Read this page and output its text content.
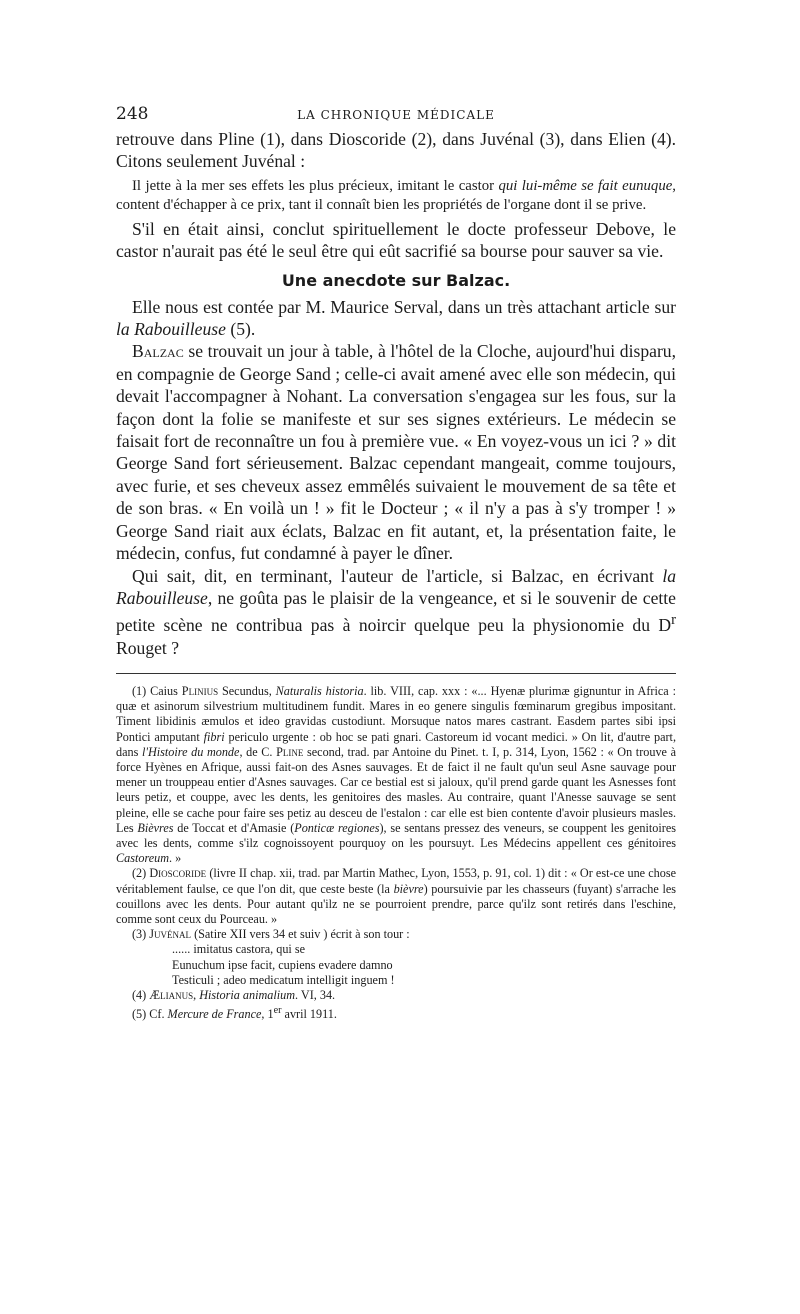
248	LA CHRONIQUE MÉDICALE

retrouve dans Pline (1), dans Dioscoride (2), dans Juvénal (3), dans Elien (4). Citons seulement Juvénal :

Il jette à la mer ses effets les plus précieux, imitant le castor qui lui-même se fait eunuque, content d'échapper à ce prix, tant il connaît bien les propriétés de l'organe dont il se prive.

S'il en était ainsi, conclut spirituellement le docte professeur Debove, le castor n'aurait pas été le seul être qui eût sacrifié sa bourse pour sauver sa vie.

Une anecdote sur Balzac.

Elle nous est contée par M. Maurice Serval, dans un très attachant article sur la Rabouilleuse (5).

Balzac se trouvait un jour à table, à l'hôtel de la Cloche, aujourd'hui disparu, en compagnie de George Sand ; celle-ci avait amené avec elle son médecin, qui devait l'accompagner à Nohant. La conversation s'engagea sur les fous, sur la façon dont la folie se manifeste et sur ses signes extérieurs. Le médecin se faisait fort de reconnaître un fou à première vue. « En voyez-vous un ici ? » dit George Sand fort sérieusement. Balzac cependant mangeait, comme toujours, avec furie, et ses cheveux assez emmêlés suivaient le mouvement de sa tête et de son bras. « En voilà un ! » fit le Docteur ; « il n'y a pas à s'y tromper ! » George Sand riait aux éclats, Balzac en fit autant, et, la présentation faite, le médecin, confus, fut condamné à payer le dîner.

Qui sait, dit, en terminant, l'auteur de l'article, si Balzac, en écrivant la Rabouilleuse, ne goûta pas le plaisir de la vengeance, et si le souvenir de cette petite scène ne contribua pas à noircir quelque peu la physionomie du $D^r$ Rouget ?

(1) Caius Plinius Secundus, Naturalis historia. lib. VIII, cap. xxx : «... Hyenæ plurimæ gignuntur in Africa : quæ et asinorum silvestrium multitudinem fundit. Mares in eo genere singulis fœminarum gregibus impositant. Timent libidinis æmulos et ideo gravidas custodiunt. Morsuque natos mares castrant. Easdem partes sibi ipsi Pontici amputant fibri periculo urgente : ob hoc se pati gnari. Castoreum id vocant medici. » On lit, d'autre part, dans l'Histoire du monde, de C. Pline second, trad. par Antoine du Pinet. t. I, p. 314, Lyon, 1562 : « On trouve à force Hyènes en Afrique, aussi fait-on des Asnes sauvages. Et de faict il ne fault qu'un seul Asne sauvage pour mener un trouppeau entier d'Asnes sauvages. Car ce bestial est si jaloux, qu'il prend garde quant les Asnesses font leurs petiz, et couppe, avec les dents, les genitoires des masles. Au contraire, quant l'Anesse sauvage se sent pleine, elle se cache pour faire ses petiz au desceu de l'estalon : car elle est bien contente d'avoir plusieurs masles. Les Bièvres de Toccat et d'Amasie (Ponticæ regiones), se sentans pressez des veneurs, se couppent les genitoires avec les dents, comme s'ilz cognoissoyent pourquoy on les poursuyt. Les Médecins appellent ces génitoires Castoreum. »

(2) Dioscoride (livre II chap. xii, trad. par Martin Mathec, Lyon, 1553, p. 91, col. 1) dit : « Or est-ce une chose véritablement faulse, ce que l'on dit, que ceste beste (la bièvre) poursuivie par les chasseurs (fuyant) s'arrache les couillons avec les dents. Pour autant qu'ilz ne se pourroient prendre, parce qu'ilz sont retirés dans l'eschine, comme sont ceux du Pourceau. »

(3) Juvénal (Satire XII vers 34 et suiv ) écrit à son tour :

...... imitatus castora, qui se
Eunuchum ipse facit, cupiens evadere damno
Testiculi ; adeo medicatum intelligit inguem !

(4) Ælianus, Historia animalium. VI, 34.

(5) Cf. Mercure de France, 1er avril 1911.
